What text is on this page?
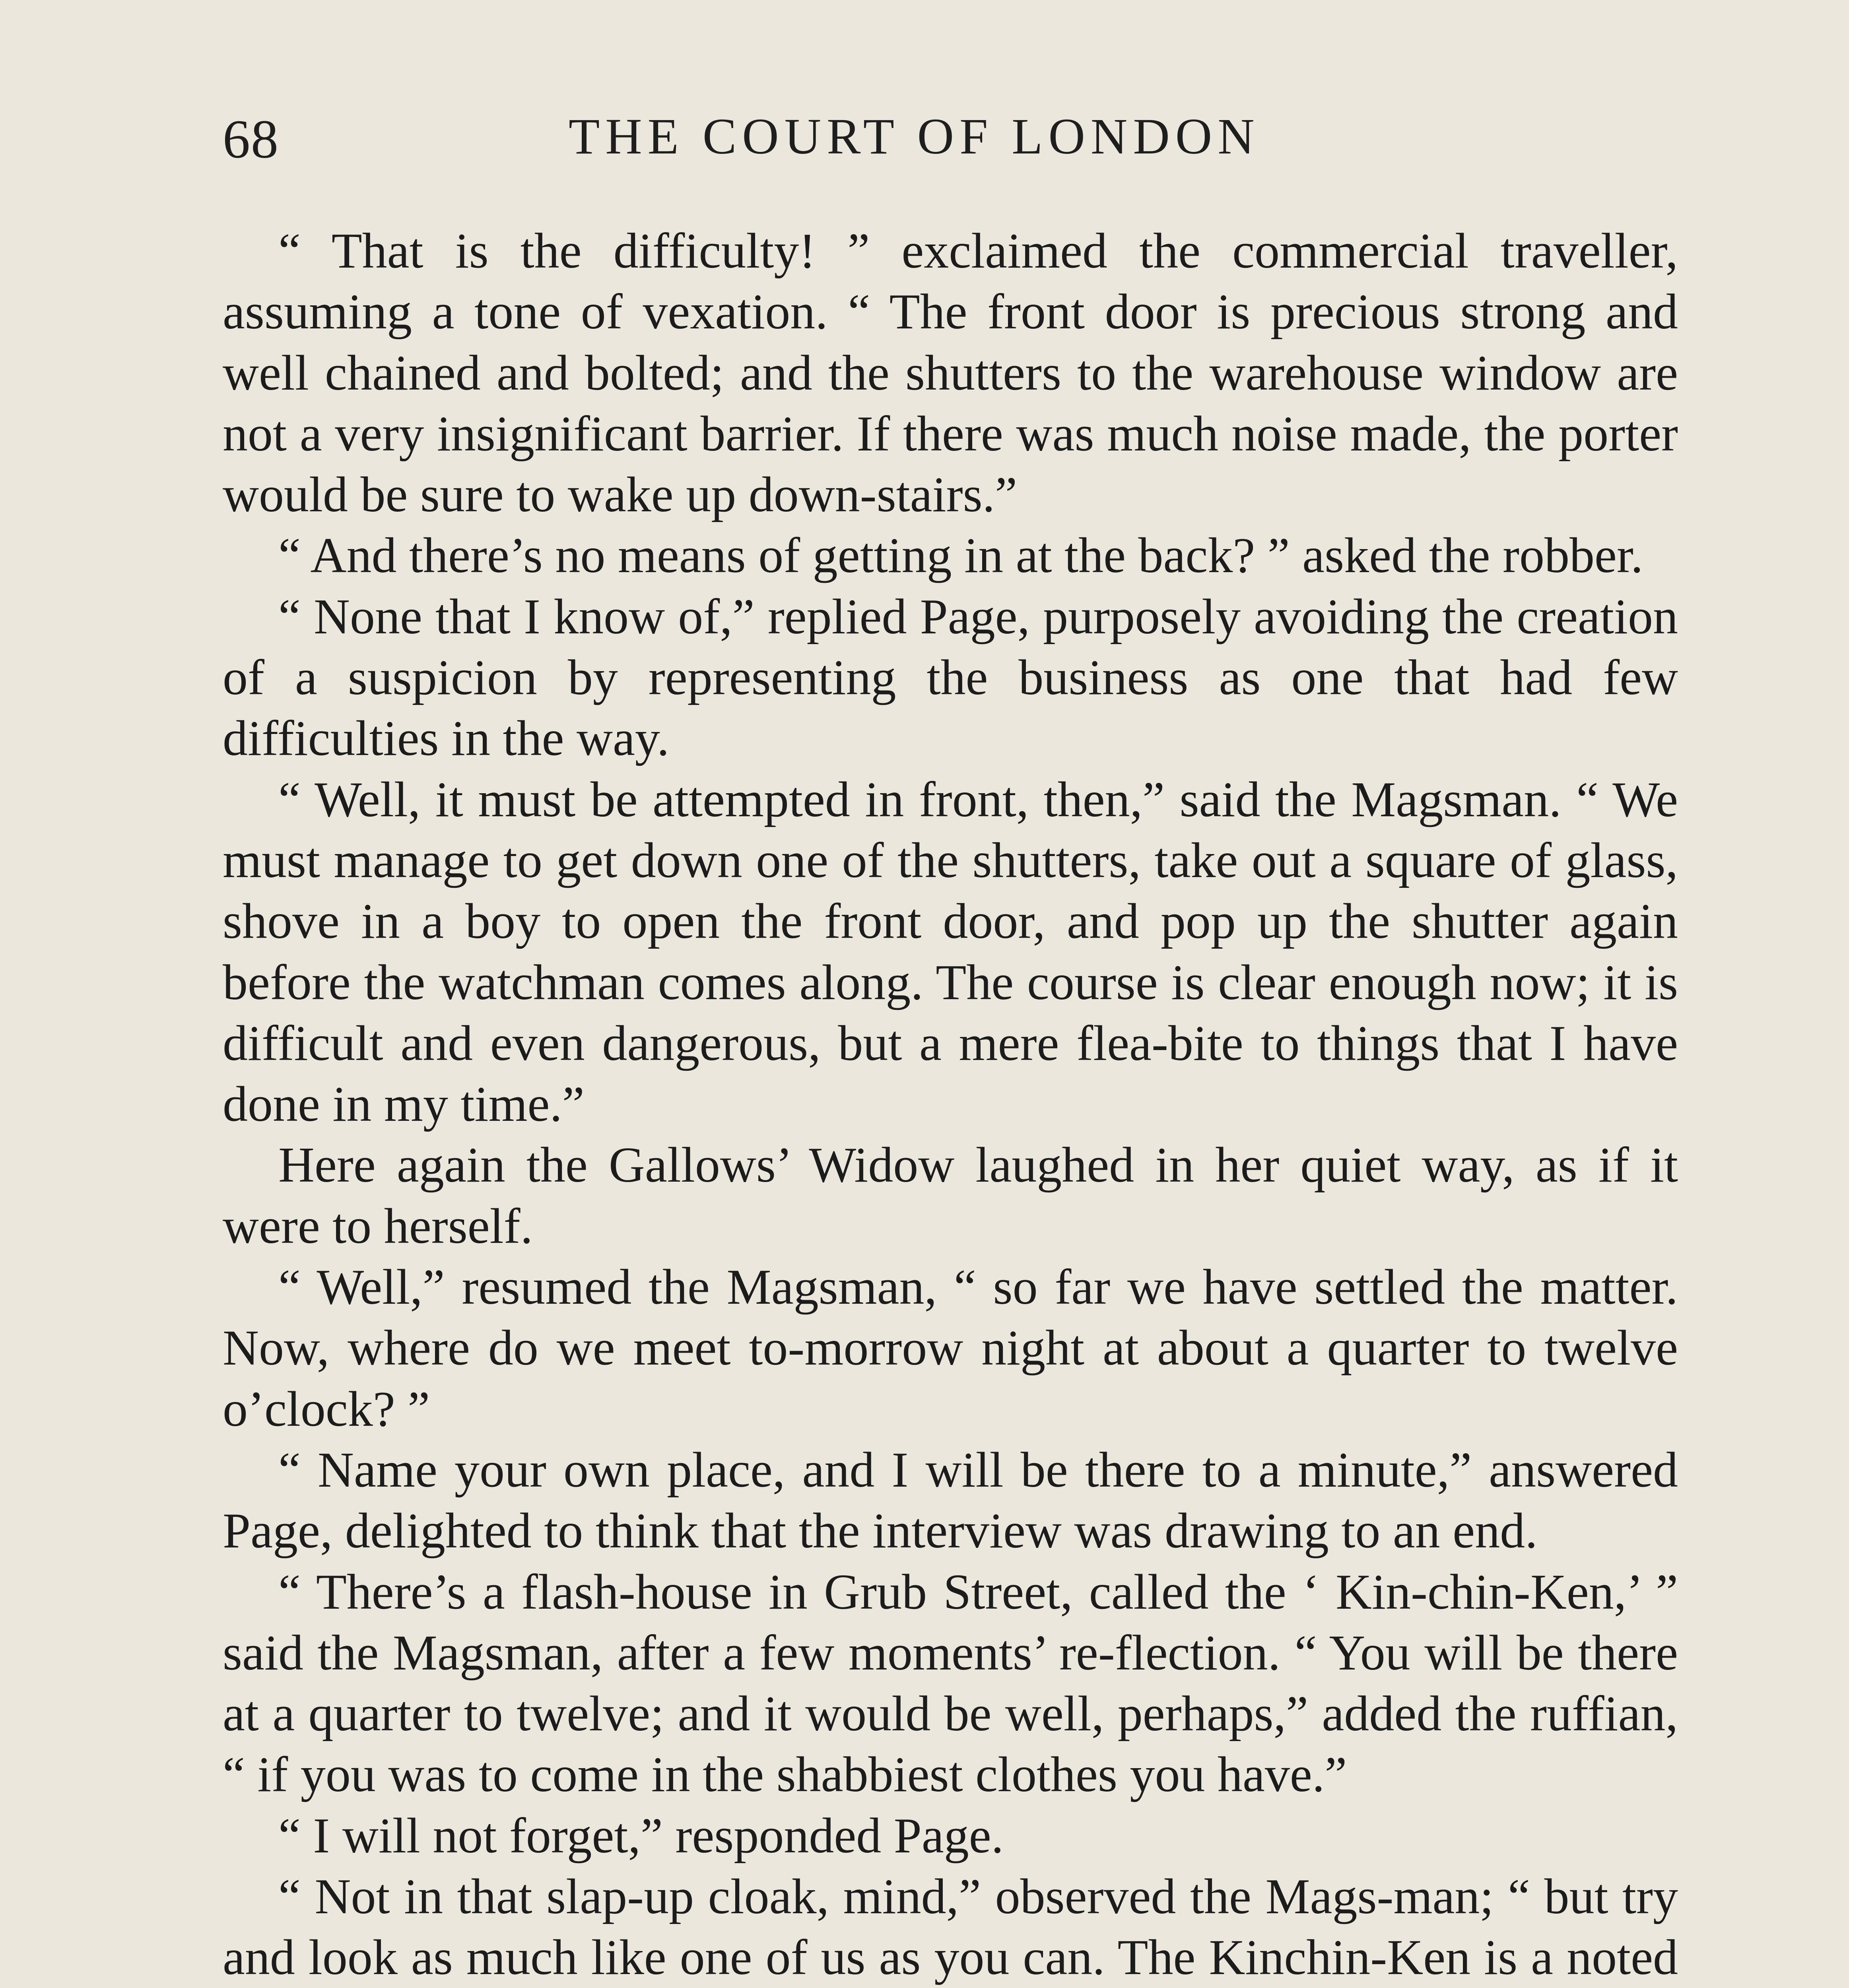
68	THE COURT OF LONDON

“ That is the difficulty! ” exclaimed the commercial traveller, assuming a tone of vexation. “ The front door is precious strong and well chained and bolted; and the shutters to the warehouse window are not a very insignificant barrier. If there was much noise made, the porter would be sure to wake up down-stairs.”

“ And there’s no means of getting in at the back? ” asked the robber.

“ None that I know of,” replied Page, purposely avoiding the creation of a suspicion by representing the business as one that had few difficulties in the way.

“ Well, it must be attempted in front, then,” said the Magsman. “ We must manage to get down one of the shutters, take out a square of glass, shove in a boy to open the front door, and pop up the shutter again before the watchman comes along. The course is clear enough now; it is difficult and even dangerous, but a mere flea-bite to things that I have done in my time.”

Here again the Gallows’ Widow laughed in her quiet way, as if it were to herself.

“ Well,” resumed the Magsman, “ so far we have settled the matter. Now, where do we meet to-morrow night at about a quarter to twelve o’clock? ”

“ Name your own place, and I will be there to a minute,” answered Page, delighted to think that the interview was drawing to an end.

“ There’s a flash-house in Grub Street, called the ‘ Kin-chin-Ken,’ ” said the Magsman, after a few moments’ re-flection. “ You will be there at a quarter to twelve; and it would be well, perhaps,” added the ruffian, “ if you was to come in the shabbiest clothes you have.”

“ I will not forget,” responded Page.

“ Not in that slap-up cloak, mind,” observed the Mags-man; “ but try and look as much like one of us as you can. The Kinchin-Ken is a noted
